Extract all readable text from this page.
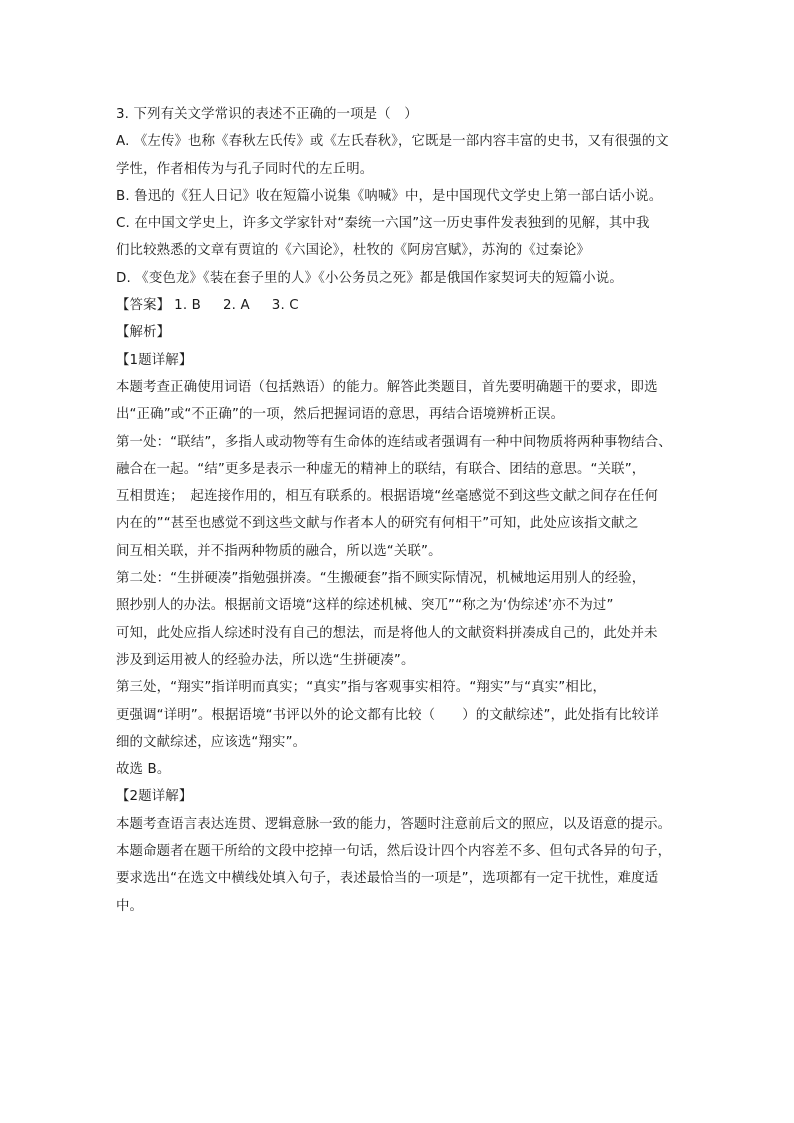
3. 下列有关文学常识的表述不正确的一项是（　）
A. 《左传》也称《春秋左氏传》或《左氏春秋》，它既是一部内容丰富的史书，又有很强的文
学性，作者相传为与孔子同时代的左丘明。
B. 鲁迅的《狂人日记》收在短篇小说集《呐喊》中，是中国现代文学史上第一部白话小说。
C. 在中国文学史上，许多文学家针对“秦统一六国”这一历史事件发表独到的见解，其中我
们比较熟悉的文章有贾谊的《六国论》，杜牧的《阿房宫赋》，苏洵的《过秦论》
D. 《变色龙》《装在套子里的人》《小公务员之死》都是俄国作家契诃夫的短篇小说。
【答案】 1. B 2. A 3. C
【解析】
【1题详解】
本题考查正确使用词语（包括熟语）的能力。解答此类题目，首先要明确题干的要求，即选
出“正确”或“不正确”的一项，然后把握词语的意思，再结合语境辨析正误。
第一处：“联结”，多指人或动物等有生命体的连结或者强调有一种中间物质将两种事物结合、
融合在一起。“结”更多是表示一种虚无的精神上的联结，有联合、团结的意思。“关联”，
互相贯连；　起连接作用的，相互有联系的。根据语境“丝毫感觉不到这些文献之间存在任何
内在的”“甚至也感觉不到这些文献与作者本人的研究有何相干”可知，此处应该指文献之
间互相关联，并不指两种物质的融合，所以选“关联”。
第二处：“生拼硬凑”指勉强拼凑。“生搬硬套”指不顾实际情况，机械地运用别人的经验，
照抄别人的办法。根据前文语境“这样的综述机械、突兀”“称之为‘伪综述’亦不为过”
可知，此处应指人综述时没有自己的想法，而是将他人的文献资料拼凑成自己的，此处并未
涉及到运用被人的经验办法，所以选“生拼硬凑”。
第三处，“翔实”指详明而真实；“真实”指与客观事实相符。“翔实”与“真实”相比，
更强调“详明”。根据语境“书评以外的论文都有比较（　　）的文献综述”，此处指有比较详
细的文献综述，应该选“翔实”。
故选 B。
【2题详解】
本题考查语言表达连贯、逻辑意脉一致的能力，答题时注意前后文的照应，以及语意的提示。
本题命题者在题干所给的文段中挖掉一句话，然后设计四个内容差不多、但句式各异的句子，
要求选出“在选文中横线处填入句子，表述最恰当的一项是”，选项都有一定干扰性，难度适
中。
